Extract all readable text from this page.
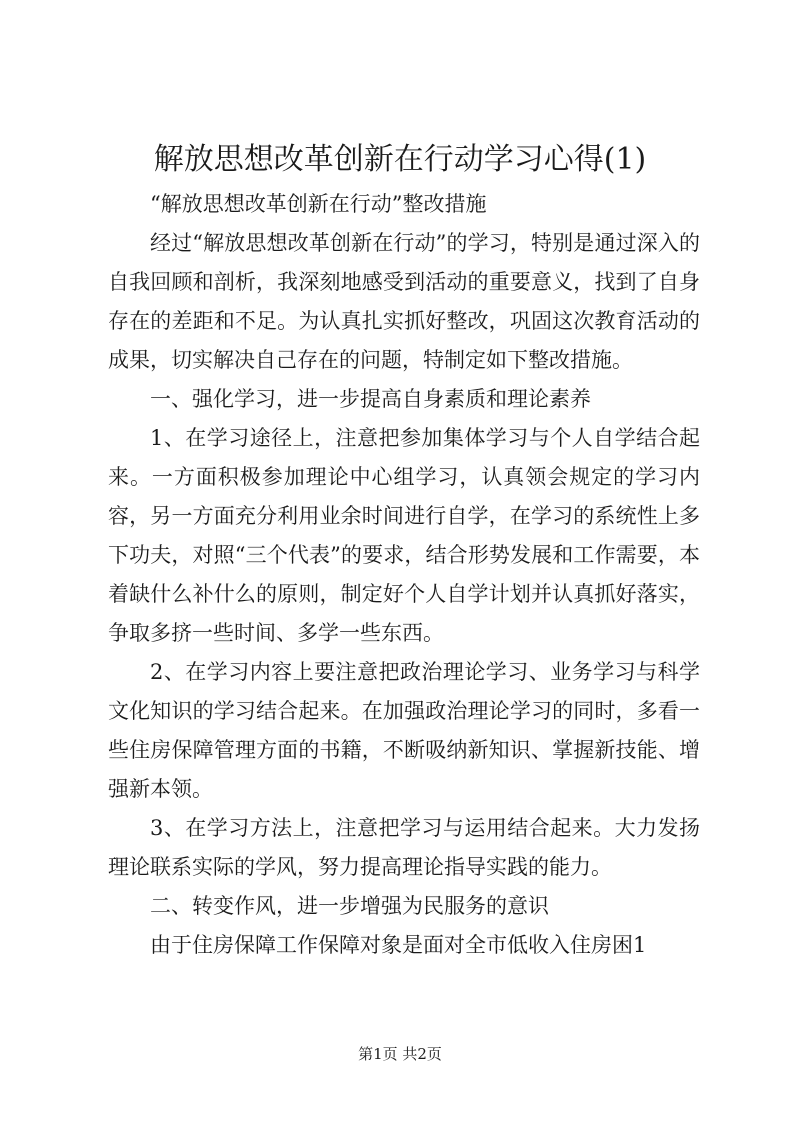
解放思想改革创新在行动学习心得(1)

“解放思想改革创新在行动”整改措施

经过“解放思想改革创新在行动”的学习，特别是通过深入的自我回顾和剖析，我深刻地感受到活动的重要意义，找到了自身存在的差距和不足。为认真扎实抓好整改，巩固这次教育活动的成果，切实解决自己存在的问题，特制定如下整改措施。

一、强化学习，进一步提高自身素质和理论素养

1、在学习途径上，注意把参加集体学习与个人自学结合起来。一方面积极参加理论中心组学习，认真领会规定的学习内容，另一方面充分利用业余时间进行自学，在学习的系统性上多下功夫，对照“三个代表”的要求，结合形势发展和工作需要，本着缺什么补什么的原则，制定好个人自学计划并认真抓好落实，争取多挤一些时间、多学一些东西。

2、在学习内容上要注意把政治理论学习、业务学习与科学文化知识的学习结合起来。在加强政治理论学习的同时，多看一些住房保障管理方面的书籍，不断吸纳新知识、掌握新技能、增强新本领。

3、在学习方法上，注意把学习与运用结合起来。大力发扬理论联系实际的学风，努力提高理论指导实践的能力。

二、转变作风，进一步增强为民服务的意识

由于住房保障工作保障对象是面对全市低收入住房困1

第1页 共2页
